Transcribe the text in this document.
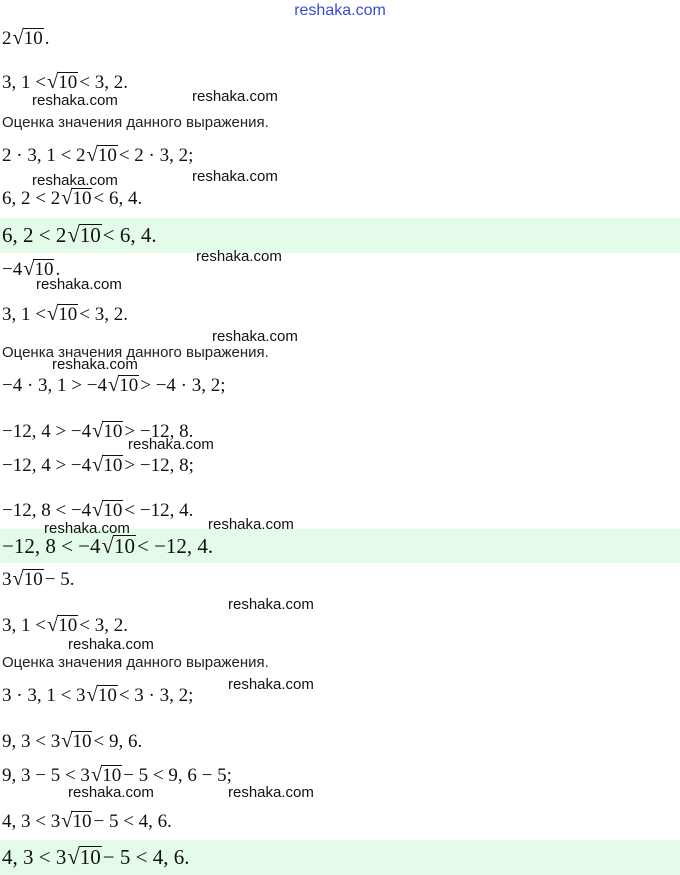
reshaka.com
2 √ 10 .
3, 1 < √ 10 < 3, 2.
Оценка значения данного выражения.
2 · 3, 1 < 2 √ 10 < 2 · 3, 2;
6, 2 < 2 √ 10 < 6, 4.
6, 2 < 2 √ 10 < 6, 4.
−4 √ 10 .
3, 1 < √ 10 < 3, 2.
Оценка значения данного выражения.
−4 · 3, 1 > −4 √ 10 > −4 · 3, 2;
−12, 4 > −4 √ 10 > −12, 8.
−12, 4 > −4 √ 10 > −12, 8;
−12, 8 < −4 √ 10 < −12, 4.
−12, 8 < −4 √ 10 < −12, 4.
3 √ 10 − 5.
3, 1 < √ 10 < 3, 2.
Оценка значения данного выражения.
3 · 3, 1 < 3 √ 10 < 3 · 3, 2;
9, 3 < 3 √ 10 < 9, 6.
9, 3 − 5 < 3 √ 10 − 5 < 9, 6 − 5;
4, 3 < 3 √ 10 − 5 < 4, 6.
4, 3 < 3 √ 10 − 5 < 4, 6.
reshaka.com	reshaka.com
reshaka.com	reshaka.com
reshaka.com
reshaka.com
reshaka.com
reshaka.com
reshaka.com
reshaka.com
reshaka.com
reshaka.com
reshaka.com
reshaka.com
reshaka.com	reshaka.com
